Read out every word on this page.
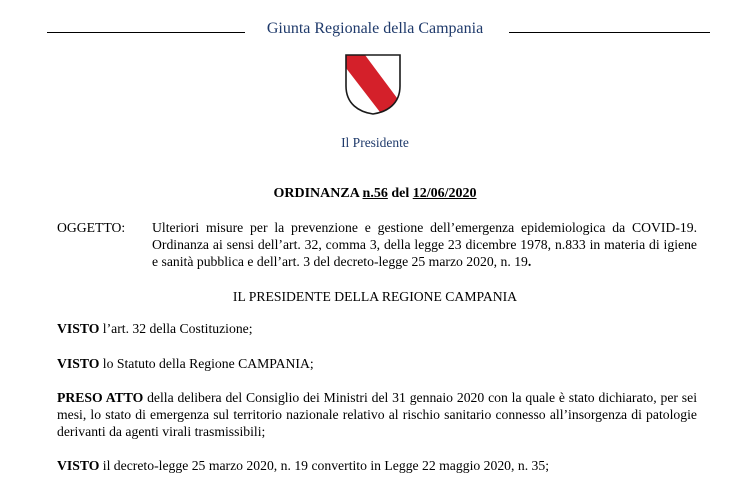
Giunta Regionale della Campania
Il Presidente
ORDINANZA n.56 del 12/06/2020
OGGETTO: Ulteriori misure per la prevenzione e gestione dell’emergenza epidemiologica da COVID-19. Ordinanza ai sensi dell’art. 32, comma 3, della legge 23 dicembre 1978, n.833 in materia di igiene e sanità pubblica e dell’art. 3 del decreto-legge 25 marzo 2020, n. 19.
IL PRESIDENTE DELLA REGIONE CAMPANIA
VISTO l’art. 32 della Costituzione;
VISTO lo Statuto della Regione CAMPANIA;
PRESO ATTO della delibera del Consiglio dei Ministri del 31 gennaio 2020 con la quale è stato dichiarato, per sei mesi, lo stato di emergenza sul territorio nazionale relativo al rischio sanitario connesso all’insorgenza di patologie derivanti da agenti virali trasmissibili;
VISTO il decreto-legge 25 marzo 2020, n. 19 convertito in Legge 22 maggio 2020, n. 35;
